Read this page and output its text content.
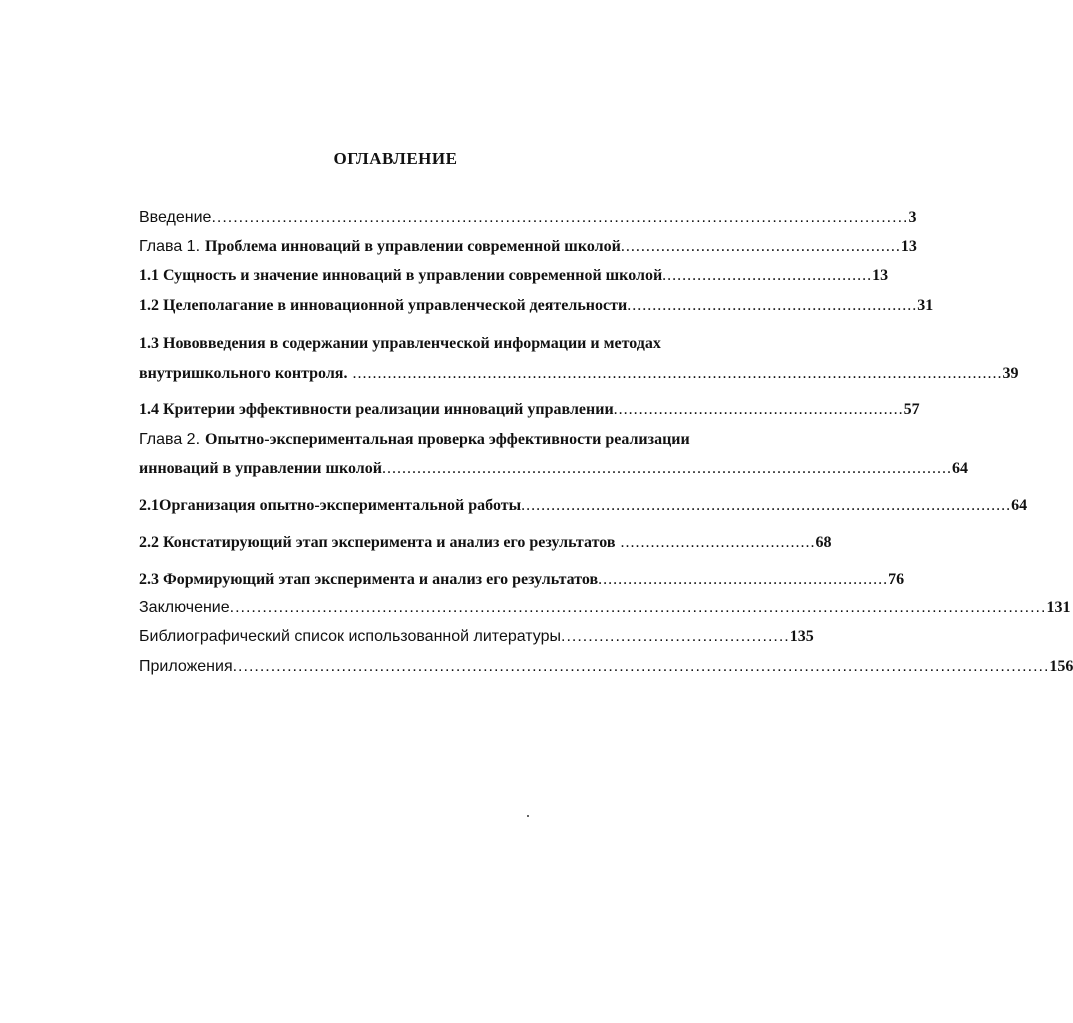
ОГЛАВЛЕНИЕ
Введение ................................................................................................................................ 3
Глава 1. Проблема инноваций в управлении современной школой ........................................................ 13
1.1 Сущность и значение инноваций в управлении современной школой .......................................... 13
1.2 Целеполагание в инновационной управленческой деятельности .......................................................... 31
1.3 Нововведения в содержании управленческой информации и методах
внутришкольного контроля. .................................................................................................................................. 39
1.4 Критерии эффективности реализации инноваций управлении .......................................................... 57
Глава 2. Опытно-экспериментальная проверка эффективности реализации
инноваций в управлении школой .................................................................................................................. 64
2.1Организация опытно-экспериментальной работы .................................................................................................. 64
2.2 Констатирующий этап эксперимента и анализ его результатов ....................................... 68
2.3 Формирующий этап эксперимента и анализ его результатов .......................................................... 76
Заключение ...................................................................................................................................................... 131
Библиографический список использованной литературы .......................................... 135
Приложения ...................................................................................................................................................... 156
